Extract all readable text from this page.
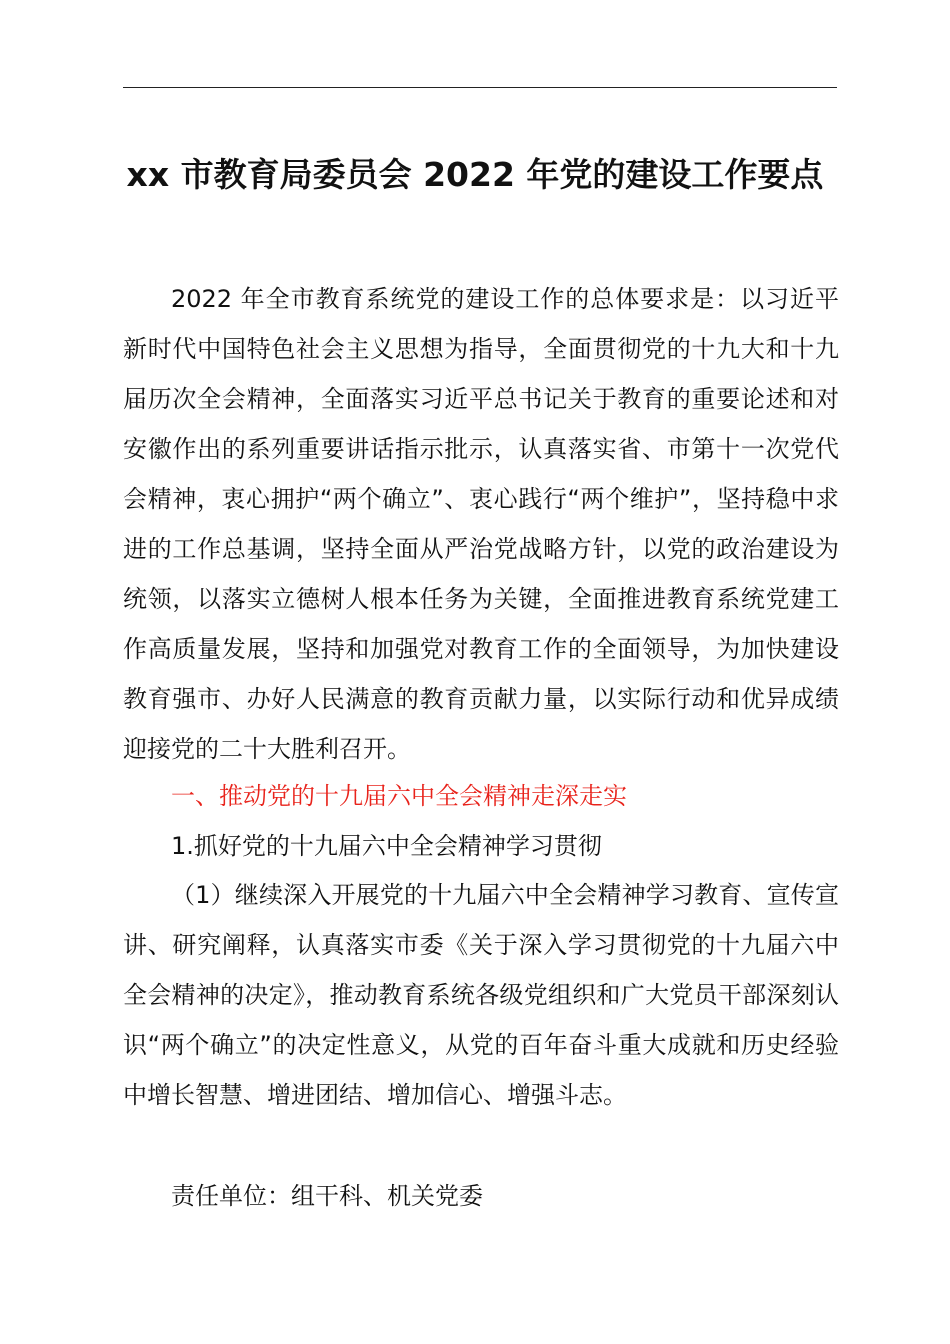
xx 市教育局委员会 2022 年党的建设工作要点

2022 年全市教育系统党的建设工作的总体要求是：以习近平新时代中国特色社会主义思想为指导，全面贯彻党的十九大和十九届历次全会精神，全面落实习近平总书记关于教育的重要论述和对安徽作出的系列重要讲话指示批示，认真落实省、市第十一次党代会精神，衷心拥护“两个确立”、衷心践行“两个维护”，坚持稳中求进的工作总基调，坚持全面从严治党战略方针，以党的政治建设为统领，以落实立德树人根本任务为关键，全面推进教育系统党建工作高质量发展，坚持和加强党对教育工作的全面领导，为加快建设教育强市、办好人民满意的教育贡献力量，以实际行动和优异成绩迎接党的二十大胜利召开。

一、推动党的十九届六中全会精神走深走实

1.抓好党的十九届六中全会精神学习贯彻

（1）继续深入开展党的十九届六中全会精神学习教育、宣传宣讲、研究阐释，认真落实市委《关于深入学习贯彻党的十九届六中全会精神的决定》，推动教育系统各级党组织和广大党员干部深刻认识“两个确立”的决定性意义，从党的百年奋斗重大成就和历史经验中增长智慧、增进团结、增加信心、增强斗志。

责任单位：组干科、机关党委
